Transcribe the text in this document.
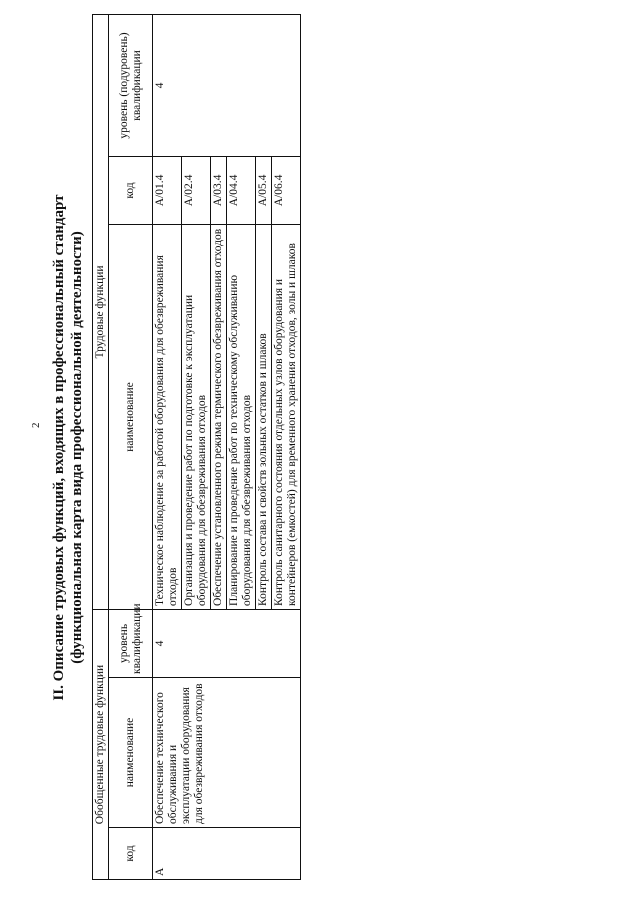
2 II. Описание трудовых функций, входящих в профессиональный стандарт (функциональная карта вида профессиональной деятельности)

Обобщенные трудовые функции			Трудовые функции		
код	наименование	уровень квалификации	наименование	код	уровень (подуровень) квалификации
А	Обеспечение технического обслуживания и эксплуатации оборудования для обезвреживания отходов	4	Техническое наблюдение за работой оборудования для обезвреживания отходов	А/01.4	4
			Организация и проведение работ по подготовке к эксплуатации оборудования для обезвреживания отходов	А/02.4	
			Обеспечение установленного режима термического обезвреживания отходов	А/03.4	
			Планирование и проведение работ по техническому обслуживанию оборудования для обезвреживания отходов	А/04.4	
			Контроль состава и свойств зольных остатков и шлаков	А/05.4	
			Контроль санитарного состояния отдельных узлов оборудования и контейнеров (емкостей) для временного хранения отходов, золы и шлаков	А/06.4	
